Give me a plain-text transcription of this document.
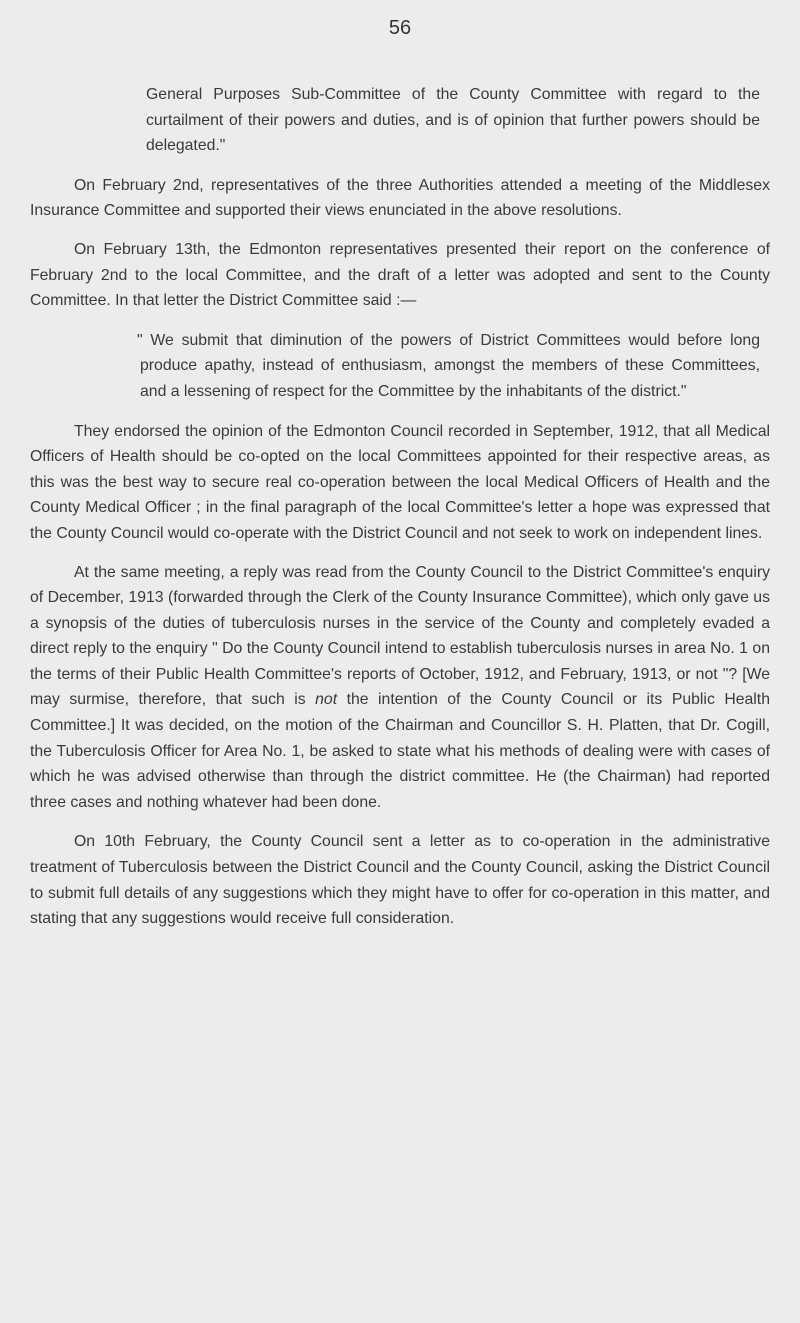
56

General Purposes Sub-Committee of the County Committee with regard to the curtailment of their powers and duties, and is of opinion that further powers should be delegated."

On February 2nd, representatives of the three Authorities attended a meeting of the Middlesex Insurance Committee and supported their views enunciated in the above resolutions.

On February 13th, the Edmonton representatives presented their report on the conference of February 2nd to the local Committee, and the draft of a letter was adopted and sent to the County Committee. In that letter the District Committee said :—

" We submit that diminution of the powers of District Committees would before long produce apathy, instead of enthusiasm, amongst the members of these Committees, and a lessening of respect for the Committee by the inhabitants of the district."

They endorsed the opinion of the Edmonton Council recorded in September, 1912, that all Medical Officers of Health should be co-opted on the local Committees appointed for their respective areas, as this was the best way to secure real co-operation between the local Medical Officers of Health and the County Medical Officer ; in the final paragraph of the local Committee's letter a hope was expressed that the County Council would co-operate with the District Council and not seek to work on independent lines.

At the same meeting, a reply was read from the County Council to the District Committee's enquiry of December, 1913 (forwarded through the Clerk of the County Insurance Committee), which only gave us a synopsis of the duties of tuberculosis nurses in the service of the County and completely evaded a direct reply to the enquiry " Do the County Council intend to establish tuberculosis nurses in area No. 1 on the terms of their Public Health Committee's reports of October, 1912, and February, 1913, or not "? [We may surmise, therefore, that such is not the intention of the County Council or its Public Health Committee.] It was decided, on the motion of the Chairman and Councillor S. H. Platten, that Dr. Cogill, the Tuberculosis Officer for Area No. 1, be asked to state what his methods of dealing were with cases of which he was advised otherwise than through the district committee. He (the Chairman) had reported three cases and nothing whatever had been done.

On 10th February, the County Council sent a letter as to co-operation in the administrative treatment of Tuberculosis between the District Council and the County Council, asking the District Council to submit full details of any suggestions which they might have to offer for co-operation in this matter, and stating that any suggestions would receive full consideration.
